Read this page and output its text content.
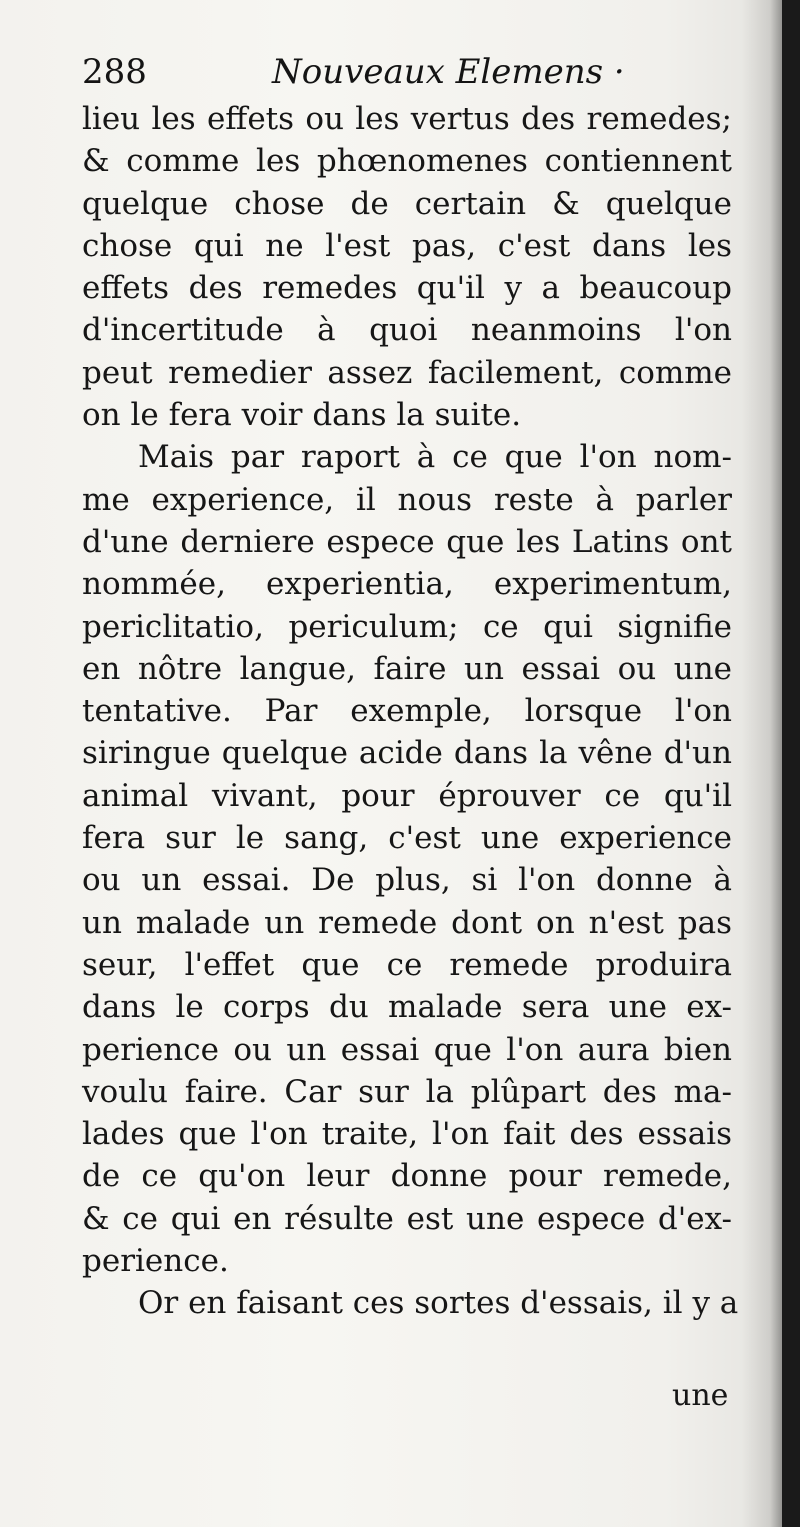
288	Nouveaux Elemens ·
lieu les effets ou les vertus des remedes;
& comme les phœnomenes contiennent
quelque chose de certain & quelque
chose qui ne l'est pas, c'est dans les
effets des remedes qu'il y a beaucoup
d'incertitude à quoi neanmoins l'on
peut remedier assez facilement, comme
on le fera voir dans la suite.
Mais par raport à ce que l'on nom-
me experience, il nous reste à parler
d'une derniere espece que les Latins ont
nommée, experientia, experimentum,
periclitatio, periculum; ce qui signifie
en nôtre langue, faire un essai ou une
tentative. Par exemple, lorsque l'on
siringue quelque acide dans la vêne d'un
animal vivant, pour éprouver ce qu'il
fera sur le sang, c'est une experience
ou un essai. De plus, si l'on donne à
un malade un remede dont on n'est pas
seur, l'effet que ce remede produira
dans le corps du malade sera une ex-
perience ou un essai que l'on aura bien
voulu faire. Car sur la plûpart des ma-
lades que l'on traite, l'on fait des essais
de ce qu'on leur donne pour remede,
& ce qui en résulte est une espece d'ex-
perience.
Or en faisant ces sortes d'essais, il y a
une
